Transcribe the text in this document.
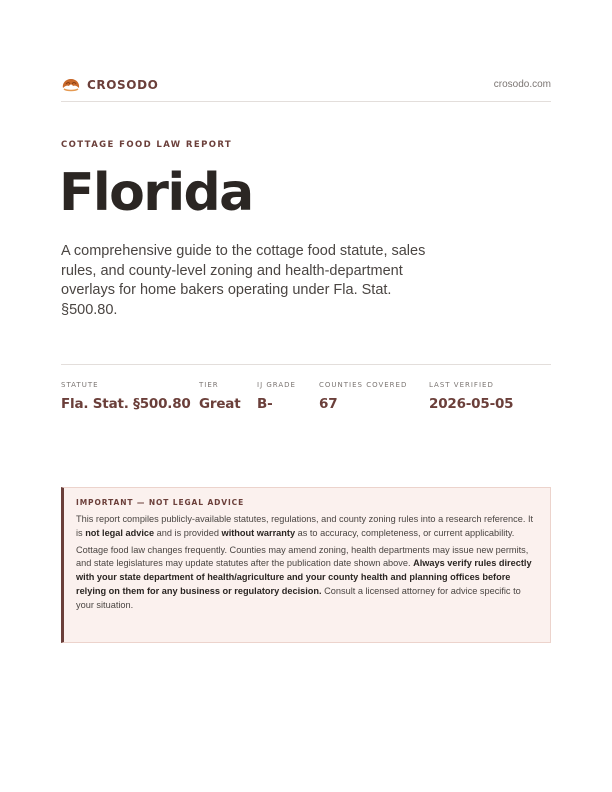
CROSODO	crosodo.com
COTTAGE FOOD LAW REPORT
Florida

A comprehensive guide to the cottage food statute, sales rules, and county-level zoning and health-department overlays for home bakers operating under Fla. Stat. §500.80.

STATUTE
Fla. Stat. §500.80
TIER
Great
IJ GRADE
B-
COUNTIES COVERED
67
LAST VERIFIED
2026-05-05
IMPORTANT — NOT LEGAL ADVICE

This report compiles publicly-available statutes, regulations, and county zoning rules into a research reference. It is not legal advice and is provided without warranty as to accuracy, completeness, or current applicability.

Cottage food law changes frequently. Counties may amend zoning, health departments may issue new permits, and state legislatures may update statutes after the publication date shown above. Always verify rules directly with your state department of health/agriculture and your county health and planning offices before relying on them for any business or regulatory decision. Consult a licensed attorney for advice specific to your situation.
